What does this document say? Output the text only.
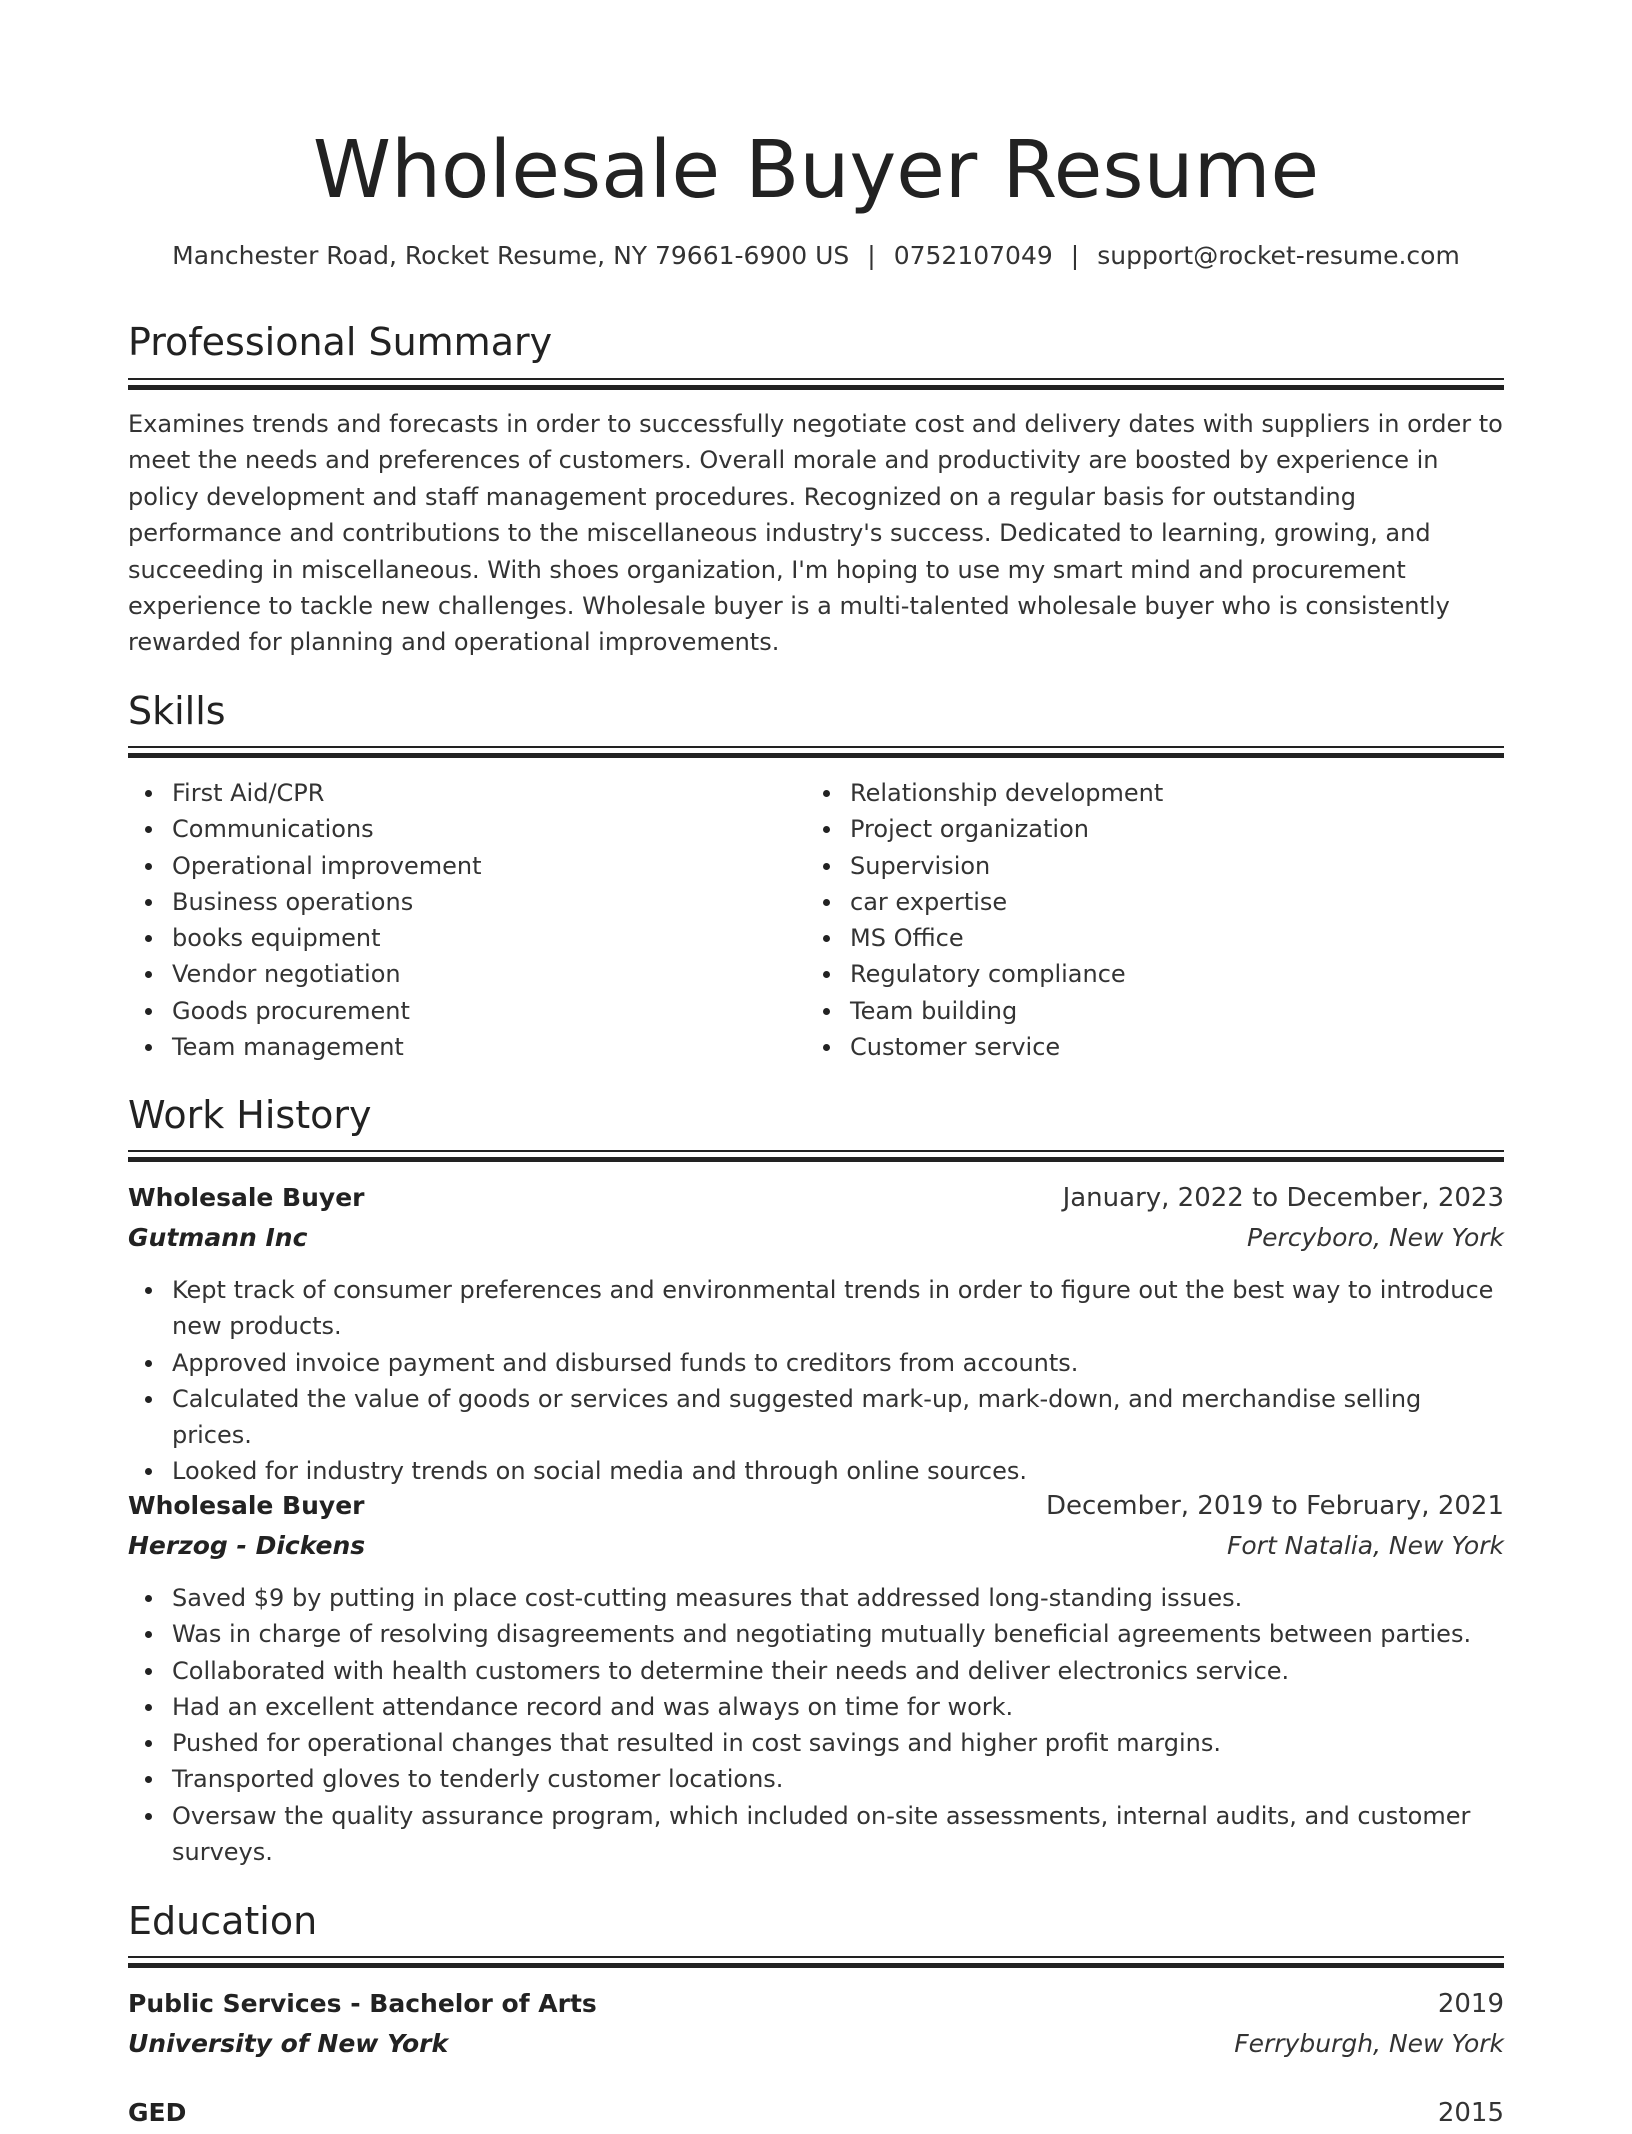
Wholesale Buyer Resume
Manchester Road, Rocket Resume, NY 79661-6900 US | 0752107049 | support@rocket-resume.com
Professional Summary

Examines trends and forecasts in order to successfully negotiate cost and delivery dates with suppliers in order to meet the needs and preferences of customers. Overall morale and productivity are boosted by experience in policy development and staff management procedures. Recognized on a regular basis for outstanding performance and contributions to the miscellaneous industry's success. Dedicated to learning, growing, and succeeding in miscellaneous. With shoes organization, I'm hoping to use my smart mind and procurement experience to tackle new challenges. Wholesale buyer is a multi-talented wholesale buyer who is consistently rewarded for planning and operational improvements.

Skills
First Aid/CPR
Communications
Operational improvement
Business operations
books equipment
Vendor negotiation
Goods procurement
Team management
Relationship development
Project organization
Supervision
car expertise
MS Office
Regulatory compliance
Team building
Customer service
Work History
Wholesale Buyer	January, 2022 to December, 2023
Gutmann Inc	Percyboro, New York
Kept track of consumer preferences and environmental trends in order to figure out the best way to introduce new products.
Approved invoice payment and disbursed funds to creditors from accounts.
Calculated the value of goods or services and suggested mark-up, mark-down, and merchandise selling prices.
Looked for industry trends on social media and through online sources.
Wholesale Buyer	December, 2019 to February, 2021
Herzog - Dickens	Fort Natalia, New York
Saved $9 by putting in place cost-cutting measures that addressed long-standing issues.
Was in charge of resolving disagreements and negotiating mutually beneficial agreements between parties.
Collaborated with health customers to determine their needs and deliver electronics service.
Had an excellent attendance record and was always on time for work.
Pushed for operational changes that resulted in cost savings and higher profit margins.
Transported gloves to tenderly customer locations.
Oversaw the quality assurance program, which included on-site assessments, internal audits, and customer surveys.
Education
Public Services - Bachelor of Arts	2019
University of New York	Ferryburgh, New York
GED	2015
